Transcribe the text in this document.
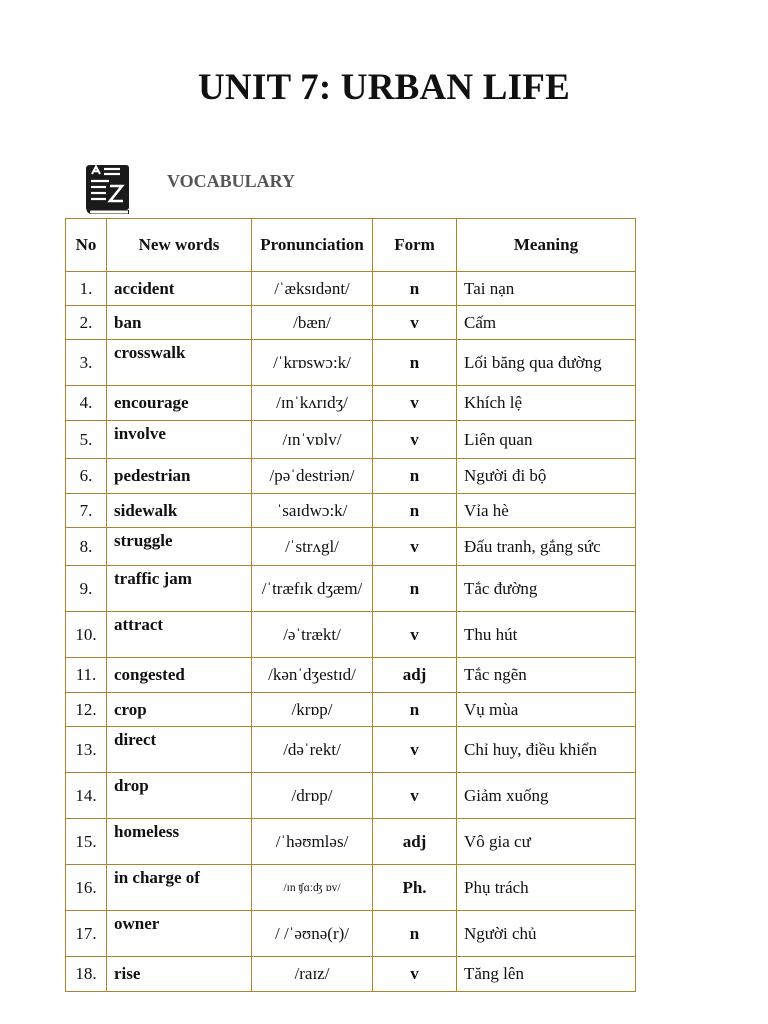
UNIT 7: URBAN LIFE
VOCABULARY
No	New words	Pronunciation	Form	Meaning
1.	accident	/ˈæksɪdənt/	n	Tai nạn
2.	ban	/bæn/	v	Cấm
3.	crosswalk	/ˈkrɒswɔ:k/	n	Lối băng qua đường
4.	encourage	/ɪnˈkʌrɪdʒ/	v	Khích lệ
5.	involve	/ɪnˈvɒlv/	v	Liên quan
6.	pedestrian	/pəˈdestriən/	n	Người đi bộ
7.	sidewalk	ˈsaɪdwɔ:k/	n	Vỉa hè
8.	struggle	/ˈstrʌgl/	v	Đấu tranh, gắng sức
9.	traffic jam	/ˈtræfɪk dʒæm/	n	Tắc đường
10.	attract	/əˈtrækt/	v	Thu hút
11.	congested	/kənˈdʒestɪd/	adj	Tắc ngẽn
12.	crop	/krɒp/	n	Vụ mùa
13.	direct	/dəˈrekt/	v	Chỉ huy, điều khiển
14.	drop	/drɒp/	v	Giảm xuống
15.	homeless	/ˈhəʊmləs/	adj	Vô gia cư
16.	in charge of	/ɪn ʧɑːʤ ɒv/	Ph.	Phụ trách
17.	owner	/ /ˈəʊnə(r)/	n	Người chủ
18.	rise	/raɪz/	v	Tăng lên
